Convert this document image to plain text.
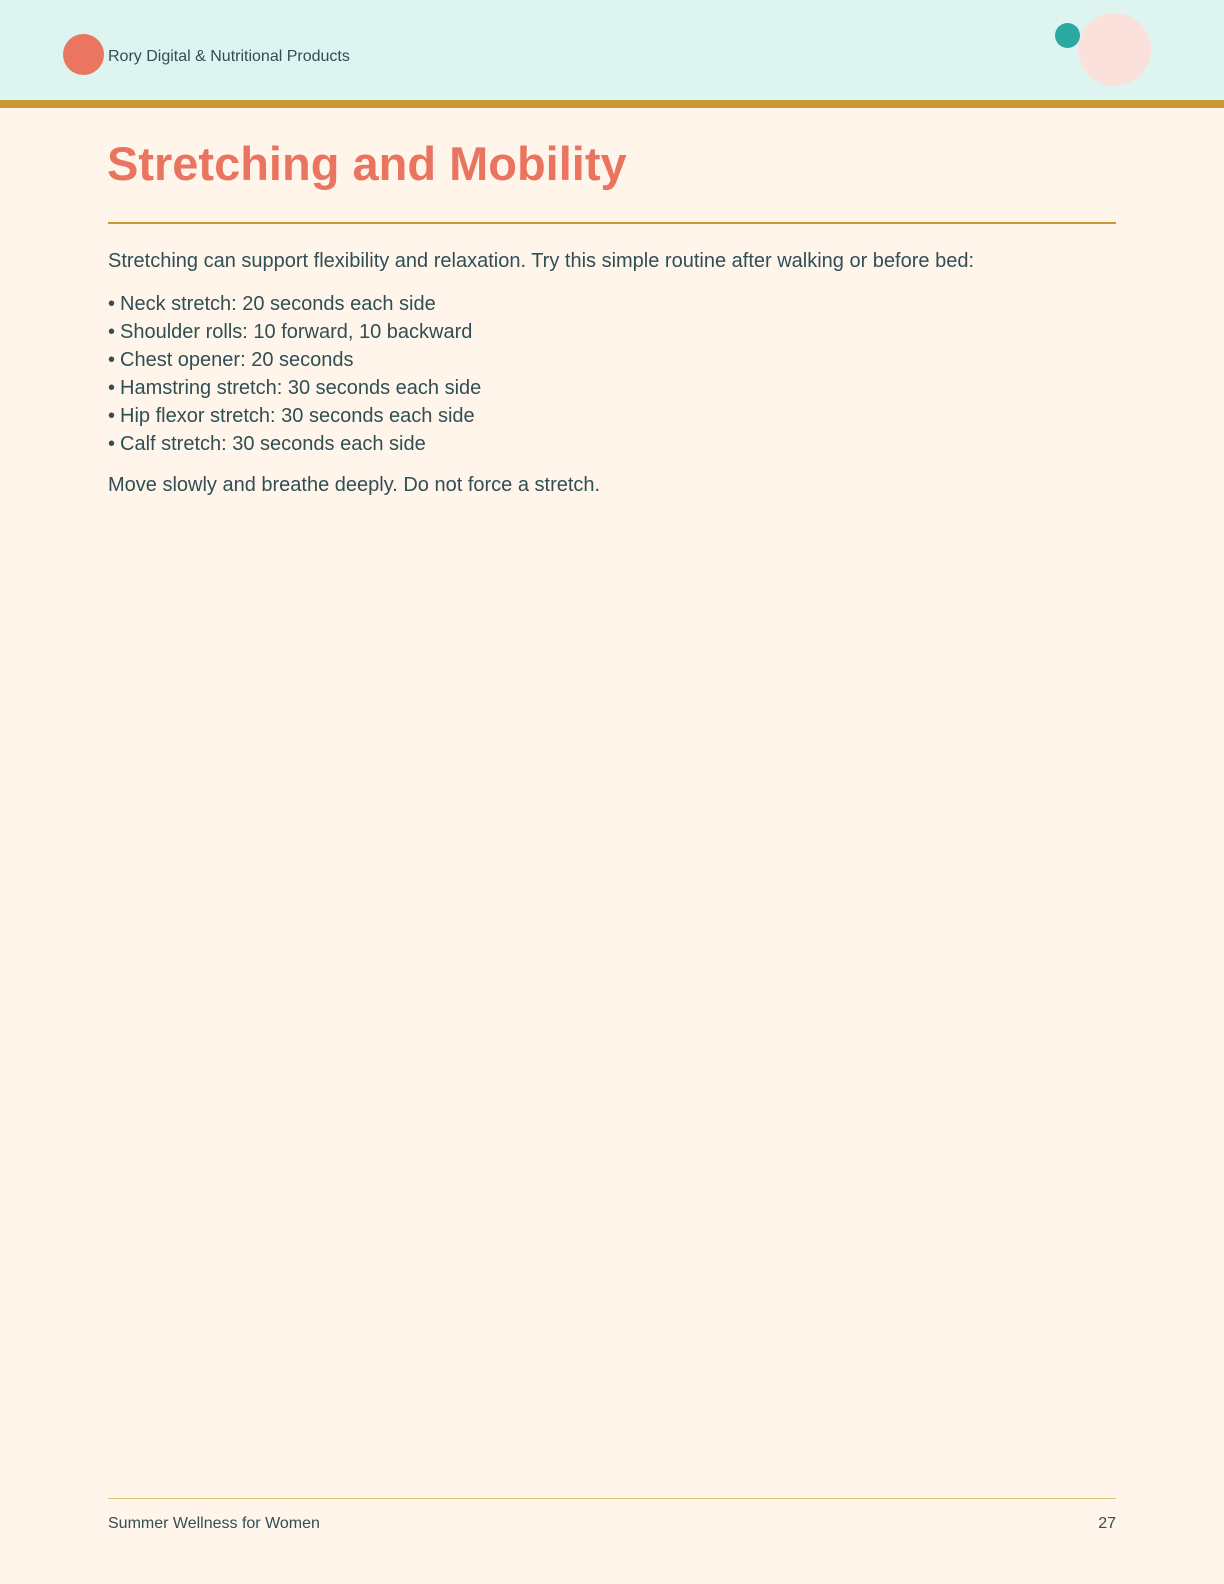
Rory Digital & Nutritional Products
Stretching and Mobility

Stretching can support flexibility and relaxation. Try this simple routine after walking or before bed:

• Neck stretch: 20 seconds each side
• Shoulder rolls: 10 forward, 10 backward
• Chest opener: 20 seconds
• Hamstring stretch: 30 seconds each side
• Hip flexor stretch: 30 seconds each side
• Calf stretch: 30 seconds each side

Move slowly and breathe deeply. Do not force a stretch.

Summer Wellness for Women	27
